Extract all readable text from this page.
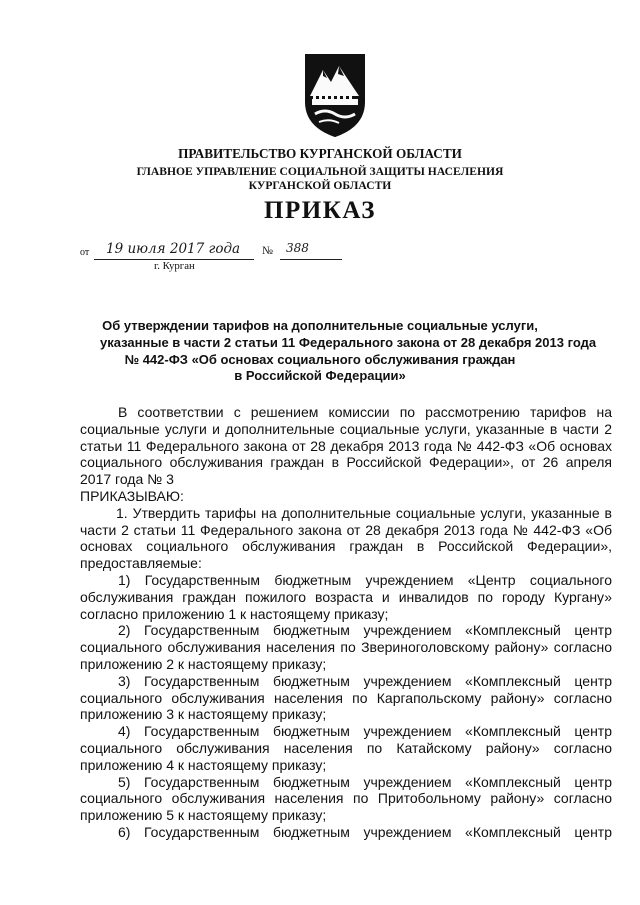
ПРАВИТЕЛЬСТВО КУРГАНСКОЙ ОБЛАСТИ
ГЛАВНОЕ УПРАВЛЕНИЕ СОЦИАЛЬНОЙ ЗАЩИТЫ НАСЕЛЕНИЯ
КУРГАНСКОЙ ОБЛАСТИ
ПРИКАЗ
от 19 июля 2017 года № 388
г. Курган
Об утверждении тарифов на дополнительные социальные услуги,
указанные в части 2 статьи 11 Федерального закона от 28 декабря 2013 года
№ 442-ФЗ «Об основах социального обслуживания граждан
в Российской Федерации»

В соответствии с решением комиссии по рассмотрению тарифов на социальные услуги и дополнительные социальные услуги, указанные в части 2 статьи 11 Федерального закона от 28 декабря 2013 года № 442-ФЗ «Об основах социального обслуживания граждан в Российской Федерации», от 26 апреля 2017 года № 3

ПРИКАЗЫВАЮ:

1. Утвердить тарифы на дополнительные социальные услуги, указанные в части 2 статьи 11 Федерального закона от 28 декабря 2013 года № 442-ФЗ «Об основах социального обслуживания граждан в Российской Федерации», предоставляемые:

1) Государственным бюджетным учреждением «Центр социального обслуживания граждан пожилого возраста и инвалидов по городу Кургану» согласно приложению 1 к настоящему приказу;

2) Государственным бюджетным учреждением «Комплексный центр социального обслуживания населения по Звериноголовскому району» согласно приложению 2 к настоящему приказу;

3) Государственным бюджетным учреждением «Комплексный центр социального обслуживания населения по Каргапольскому району» согласно приложению 3 к настоящему приказу;

4) Государственным бюджетным учреждением «Комплексный центр социального обслуживания населения по Катайскому району» согласно приложению 4 к настоящему приказу;

5) Государственным бюджетным учреждением «Комплексный центр социального обслуживания населения по Притобольному району» согласно приложению 5 к настоящему приказу;

6) Государственным бюджетным учреждением «Комплексный центр
